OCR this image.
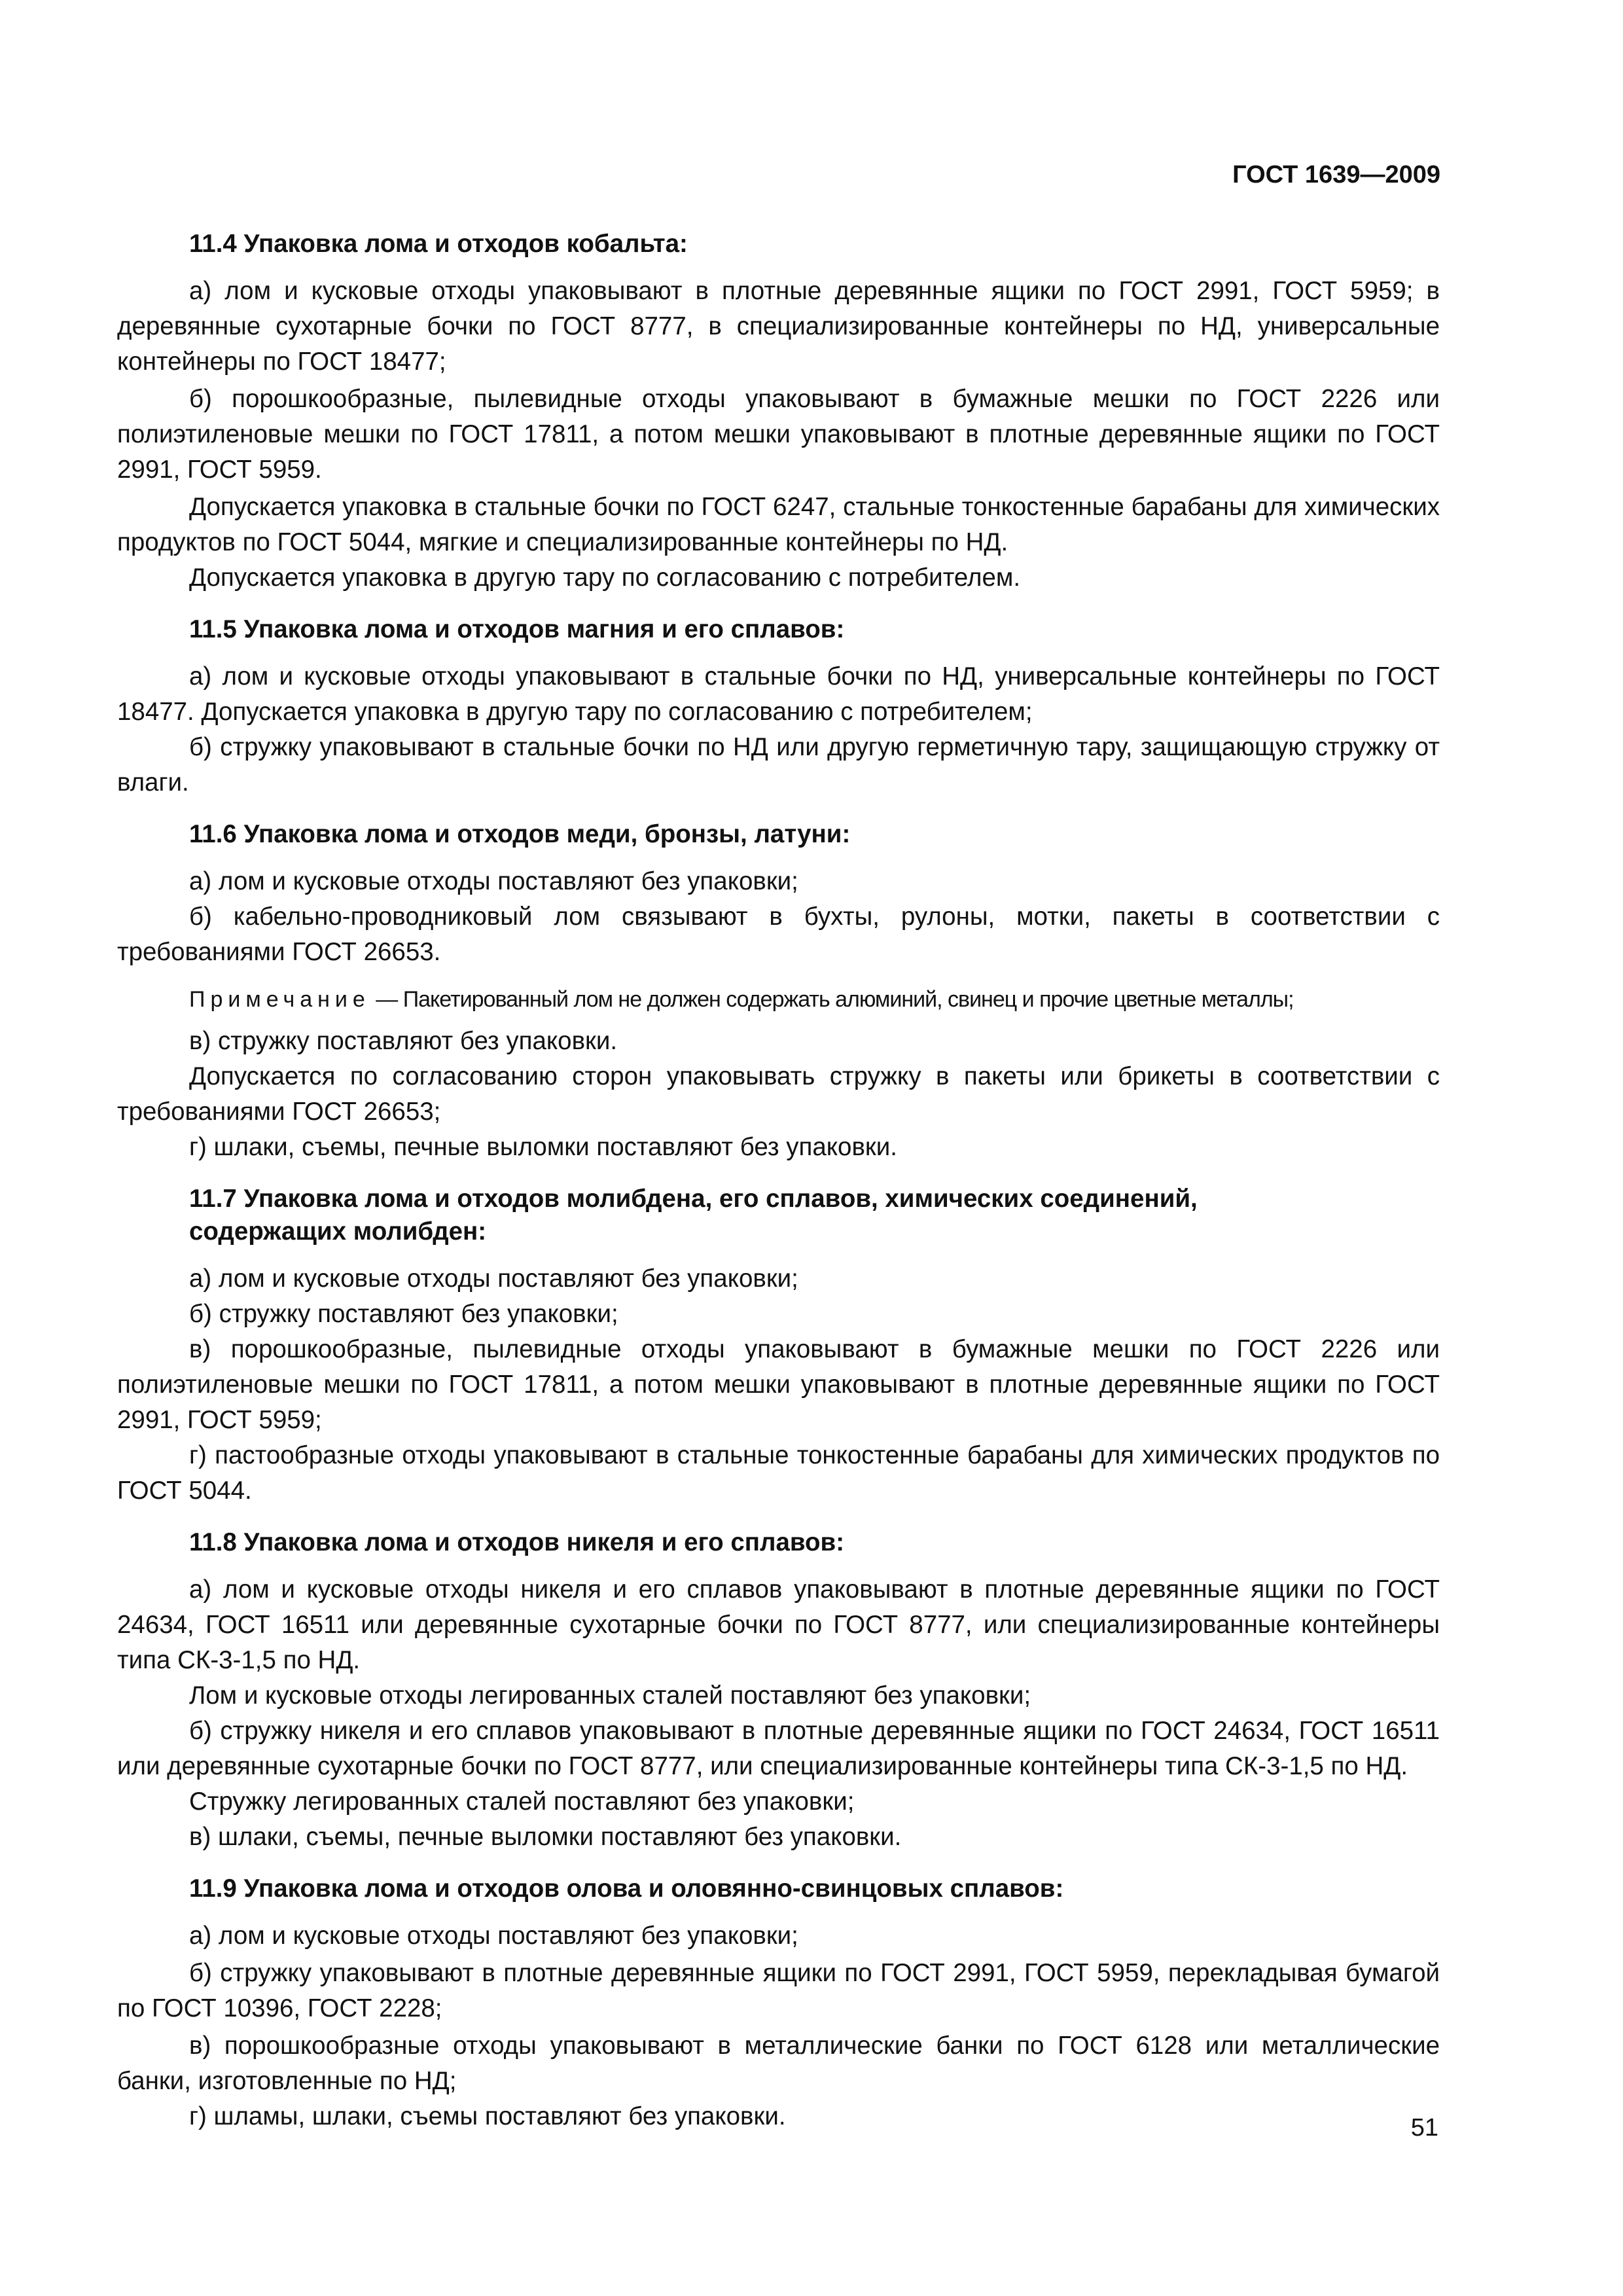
ГОСТ 1639—2009
11.4 Упаковка лома и отходов кобальта:

а) лом и кусковые отходы упаковывают в плотные деревянные ящики по ГОСТ 2991, ГОСТ 5959; в деревянные сухотарные бочки по ГОСТ 8777, в специализированные контейнеры по НД, универсальные контейнеры по ГОСТ 18477;

б) порошкообразные, пылевидные отходы упаковывают в бумажные мешки по ГОСТ 2226 или полиэтиленовые мешки по ГОСТ 17811, а потом мешки упаковывают в плотные деревянные ящики по ГОСТ 2991, ГОСТ 5959.

Допускается упаковка в стальные бочки по ГОСТ 6247, стальные тонкостенные барабаны для химических продуктов по ГОСТ 5044, мягкие и специализированные контейнеры по НД.

Допускается упаковка в другую тару по согласованию с потребителем.

11.5 Упаковка лома и отходов магния и его сплавов:

а) лом и кусковые отходы упаковывают в стальные бочки по НД, универсальные контейнеры по ГОСТ 18477. Допускается упаковка в другую тару по согласованию с потребителем;

б) стружку упаковывают в стальные бочки по НД или другую герметичную тару, защищающую стружку от влаги.

11.6 Упаковка лома и отходов меди, бронзы, латуни:

а) лом и кусковые отходы поставляют без упаковки;

б) кабельно-проводниковый лом связывают в бухты, рулоны, мотки, пакеты в соответствии с требованиями ГОСТ 26653.

Примечание — Пакетированный лом не должен содержать алюминий, свинец и прочие цветные металлы;

в) стружку поставляют без упаковки.

Допускается по согласованию сторон упаковывать стружку в пакеты или брикеты в соответствии с требованиями ГОСТ 26653;

г) шлаки, съемы, печные выломки поставляют без упаковки.

11.7 Упаковка лома и отходов молибдена, его сплавов, химических соединений,
содержащих молибден:

а) лом и кусковые отходы поставляют без упаковки;

б) стружку поставляют без упаковки;

в) порошкообразные, пылевидные отходы упаковывают в бумажные мешки по ГОСТ 2226 или полиэтиленовые мешки по ГОСТ 17811, а потом мешки упаковывают в плотные деревянные ящики по ГОСТ 2991, ГОСТ 5959;

г) пастообразные отходы упаковывают в стальные тонкостенные барабаны для химических продуктов по ГОСТ 5044.

11.8 Упаковка лома и отходов никеля и его сплавов:

а) лом и кусковые отходы никеля и его сплавов упаковывают в плотные деревянные ящики по ГОСТ 24634, ГОСТ 16511 или деревянные сухотарные бочки по ГОСТ 8777, или специализированные контейнеры типа СК-3-1,5 по НД.

Лом и кусковые отходы легированных сталей поставляют без упаковки;

б) стружку никеля и его сплавов упаковывают в плотные деревянные ящики по ГОСТ 24634, ГОСТ 16511 или деревянные сухотарные бочки по ГОСТ 8777, или специализированные контейнеры типа СК-3-1,5 по НД.

Стружку легированных сталей поставляют без упаковки;

в) шлаки, съемы, печные выломки поставляют без упаковки.

11.9 Упаковка лома и отходов олова и оловянно-свинцовых сплавов:

а) лом и кусковые отходы поставляют без упаковки;

б) стружку упаковывают в плотные деревянные ящики по ГОСТ 2991, ГОСТ 5959, перекладывая бумагой по ГОСТ 10396, ГОСТ 2228;

в) порошкообразные отходы упаковывают в металлические банки по ГОСТ 6128 или металлические банки, изготовленные по НД;

г) шламы, шлаки, съемы поставляют без упаковки.	51
